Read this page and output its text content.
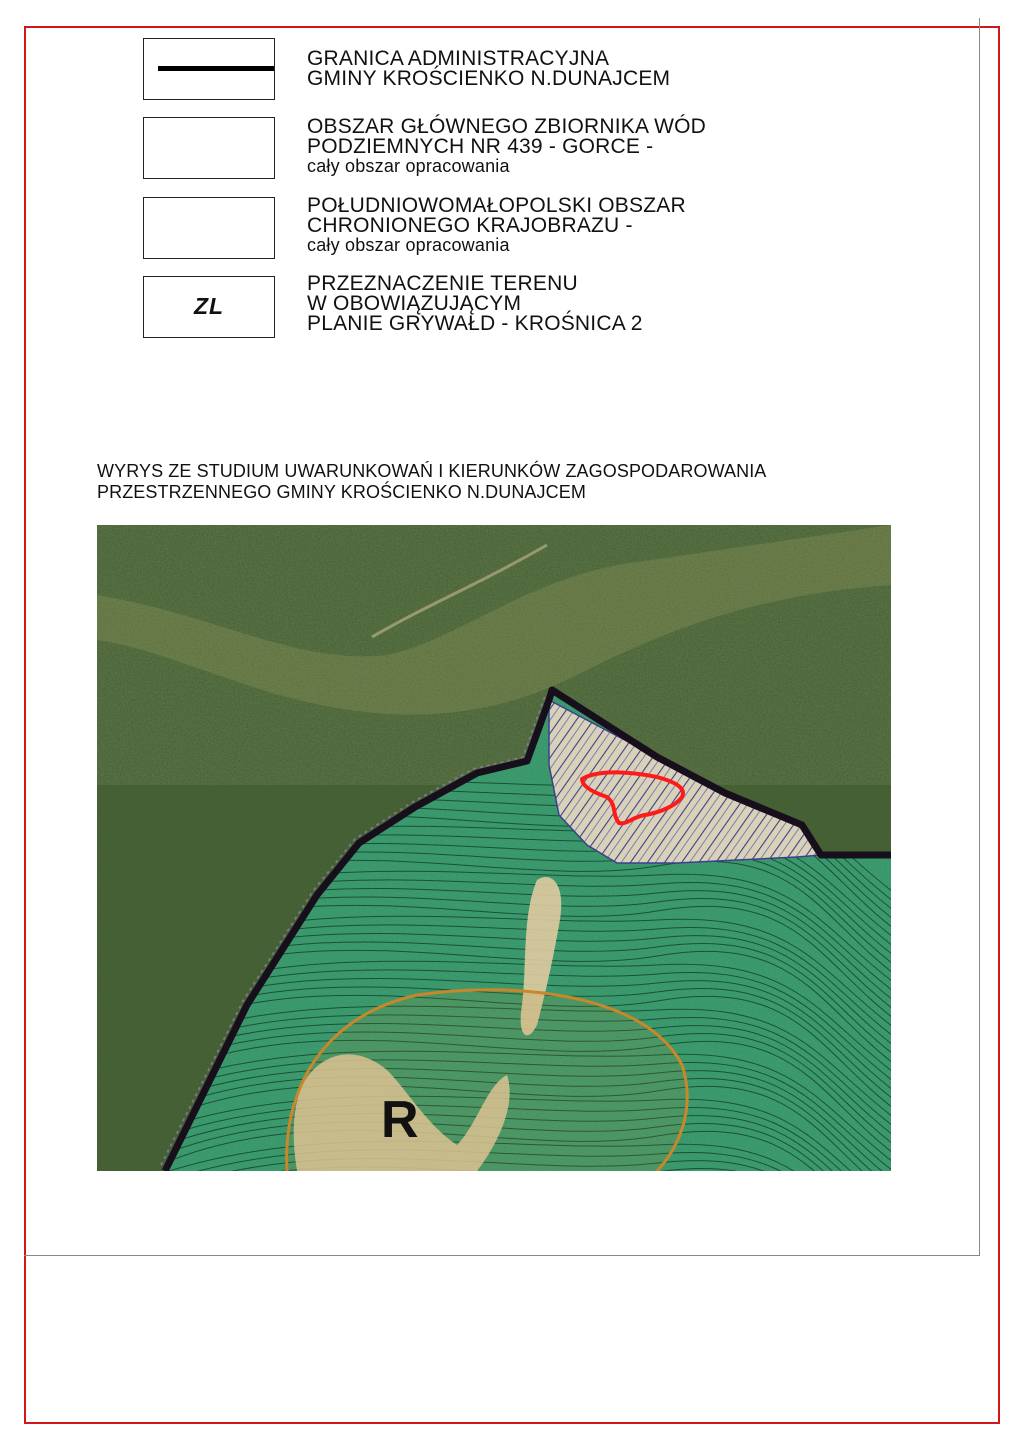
GRANICA ADMINISTRACYJNA
GMINY KROŚCIENKO N.DUNAJCEM
OBSZAR GŁÓWNEGO ZBIORNIKA WÓD
PODZIEMNYCH NR 439 - GORCE -
cały obszar opracowania
POŁUDNIOWOMAŁOPOLSKI OBSZAR
CHRONIONEGO KRAJOBRAZU -
cały obszar opracowania
ZL
PRZEZNACZENIE TERENU
W OBOWIĄZUJĄCYM
PLANIE GRYWAŁD - KROŚNICA 2
WYRYS ZE STUDIUM UWARUNKOWAŃ I KIERUNKÓW ZAGOSPODAROWANIA
PRZESTRZENNEGO GMINY KROŚCIENKO N.DUNAJCEM
R
